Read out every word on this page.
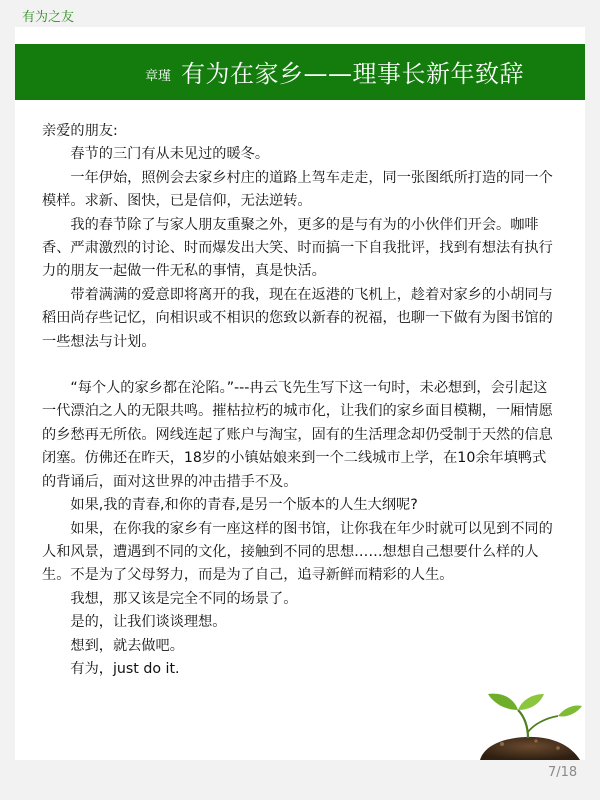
有为之友
章瑾 有为在家乡——理事长新年致辞

亲爱的朋友:

春节的三门有从未见过的暖冬。

一年伊始，照例会去家乡村庄的道路上驾车走走，同一张图纸所打造的同一个模样。求新、图快，已是信仰，无法逆转。

我的春节除了与家人朋友重聚之外，更多的是与有为的小伙伴们开会。咖啡香、严肃激烈的讨论、时而爆发出大笑、时而搞一下自我批评，找到有想法有执行力的朋友一起做一件无私的事情，真是快活。

带着满满的爱意即将离开的我，现在在返港的飞机上，趁着对家乡的小胡同与稻田尚存些记忆，向相识或不相识的您致以新春的祝福，也聊一下做有为图书馆的一些想法与计划。

“每个人的家乡都在沦陷。”---冉云飞先生写下这一句时，未必想到，会引起这一代漂泊之人的无限共鸣。摧枯拉朽的城市化，让我们的家乡面目模糊，一厢情愿的乡愁再无所依。网线连起了账户与淘宝，固有的生活理念却仍受制于天然的信息闭塞。仿佛还在昨天，18岁的小镇姑娘来到一个二线城市上学，在10余年填鸭式的背诵后，面对这世界的冲击措手不及。

如果,我的青春,和你的青春,是另一个版本的人生大纲呢?

如果，在你我的家乡有一座这样的图书馆，让你我在年少时就可以见到不同的人和风景，遭遇到不同的文化，接触到不同的思想……想想自己想要什么样的人生。不是为了父母努力，而是为了自己，追寻新鲜而精彩的人生。

我想，那又该是完全不同的场景了。

是的，让我们谈谈理想。

想到，就去做吧。

有为，just do it.

7/18
